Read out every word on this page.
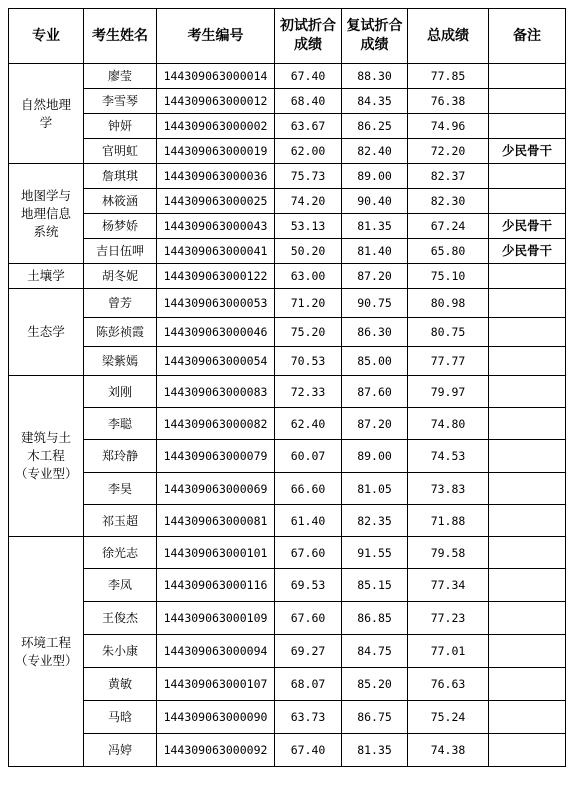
专业	考生姓名	考生编号	初试折合成绩	复试折合成绩	总成绩	备注
自然地理学	廖莹	144309063000014	67.40	88.30	77.85	
	李雪琴	144309063000012	68.40	84.35	76.38	
	钟妍	144309063000002	63.67	86.25	74.96	
	官明虹	144309063000019	62.00	82.40	72.20	少民骨干
地图学与地理信息系统	詹琪琪	144309063000036	75.73	89.00	82.37	
	林筱涵	144309063000025	74.20	90.40	82.30	
	杨梦娇	144309063000043	53.13	81.35	67.24	少民骨干
	吉日伍呷	144309063000041	50.20	81.40	65.80	少民骨干
土壤学	胡冬妮	144309063000122	63.00	87.20	75.10	
生态学	曾芳	144309063000053	71.20	90.75	80.98	
	陈彭祯霞	144309063000046	75.20	86.30	80.75	
	梁紫嫣	144309063000054	70.53	85.00	77.77	
建筑与土木工程（专业型）	刘刚	144309063000083	72.33	87.60	79.97	
	李聪	144309063000082	62.40	87.20	74.80	
	郑玲静	144309063000079	60.07	89.00	74.53	
	李昊	144309063000069	66.60	81.05	73.83	
	祁玉超	144309063000081	61.40	82.35	71.88	
环境工程（专业型）	徐光志	144309063000101	67.60	91.55	79.58	
	李凤	144309063000116	69.53	85.15	77.34	
	王俊杰	144309063000109	67.60	86.85	77.23	
	朱小康	144309063000094	69.27	84.75	77.01	
	黄敏	144309063000107	68.07	85.20	76.63	
	马晗	144309063000090	63.73	86.75	75.24	
	冯婷	144309063000092	67.40	81.35	74.38	
